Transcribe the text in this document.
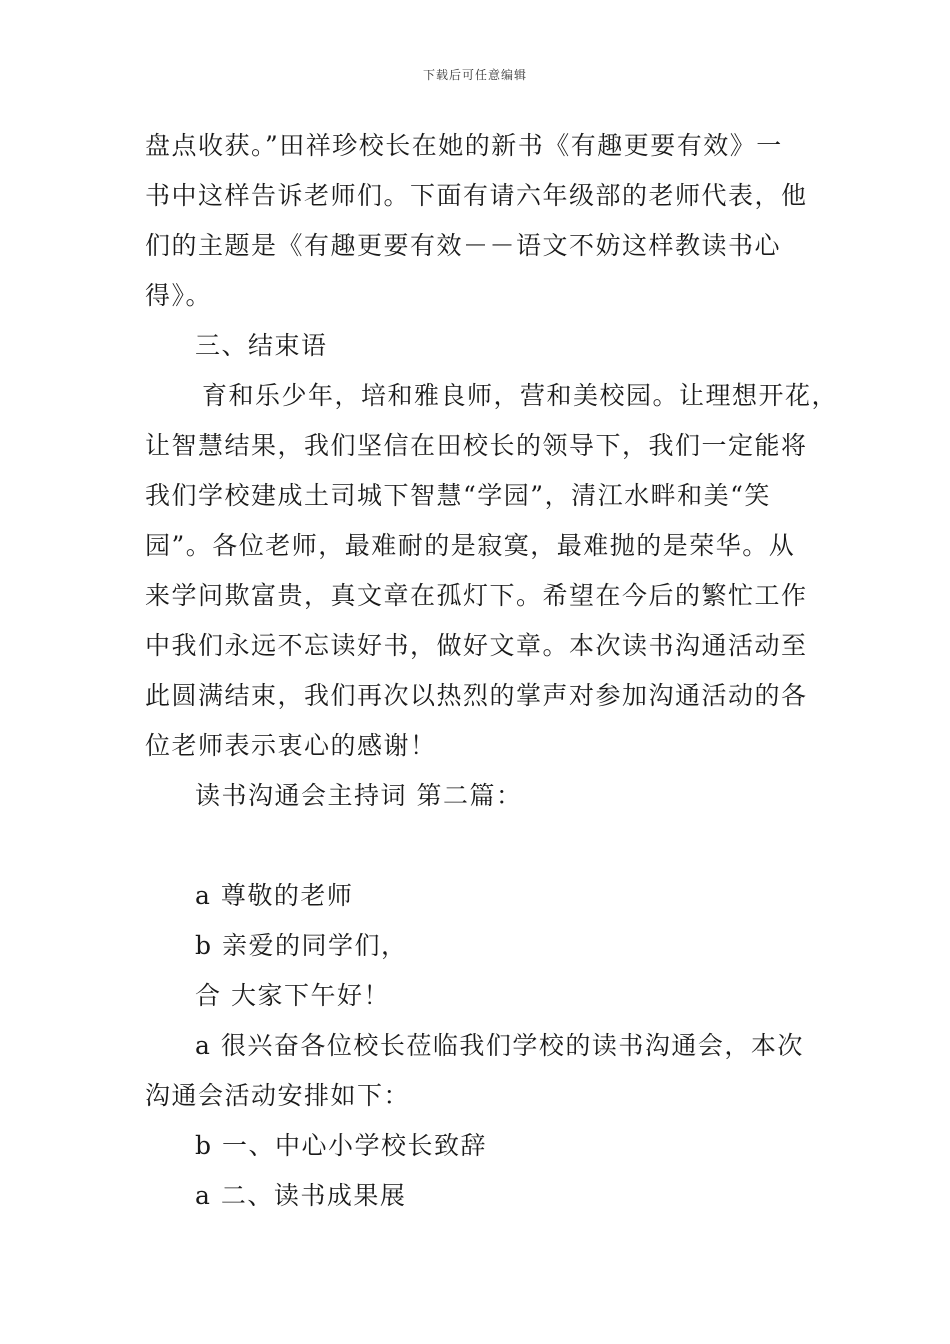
下载后可任意编辑
盘点收获。”田祥珍校长在她的新书《有趣更要有效》一
书中这样告诉老师们。下面有请六年级部的老师代表，他
们的主题是《有趣更要有效－－语文不妨这样教读书心
得》。
三、结束语
育和乐少年，培和雅良师，营和美校园。让理想开花，
让智慧结果，我们坚信在田校长的领导下，我们一定能将
我们学校建成土司城下智慧“学园”，清江水畔和美“笑
园”。各位老师，最难耐的是寂寞，最难抛的是荣华。从
来学问欺富贵，真文章在孤灯下。希望在今后的繁忙工作
中我们永远不忘读好书，做好文章。本次读书沟通活动至
此圆满结束，我们再次以热烈的掌声对参加沟通活动的各
位老师表示衷心的感谢！
读书沟通会主持词 第二篇：
a 尊敬的老师
b 亲爱的同学们，
合 大家下午好！
a 很兴奋各位校长莅临我们学校的读书沟通会，本次
沟通会活动安排如下：
b 一、中心小学校长致辞
a 二、读书成果展
